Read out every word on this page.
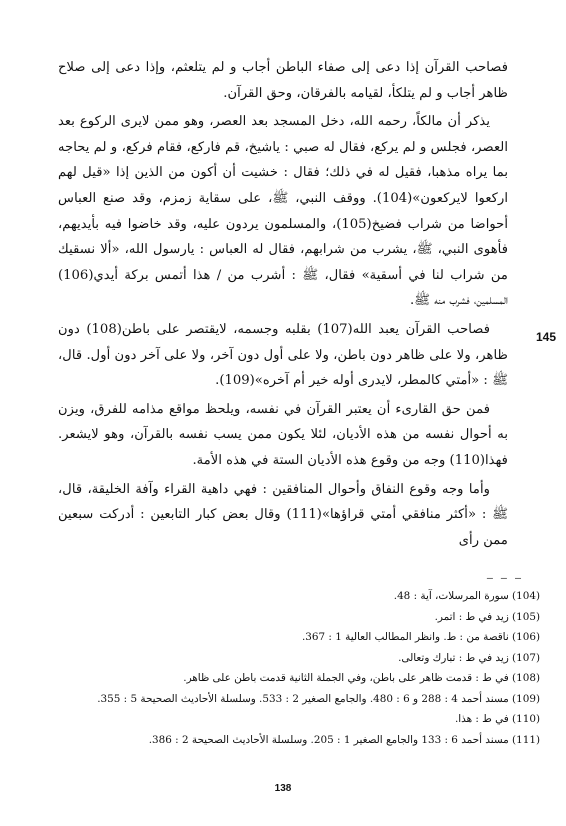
فصاحب القرآن إذا دعى إلى صفاء الباطن أجاب و لم يتلعثم، وإذا دعى إلى صلاح ظاهر أجاب و لم يتلكأ، لقيامه بالفرقان، وحق القرآن.

يذكر أن مالكاً، رحمه الله، دخل المسجد بعد العصر، وهو ممن لايرى الركوع بعد العصر، فجلس و لم يركع، فقال له صبي : ياشيخ، قم فاركع، فقام فركع، و لم يحاجه بما يراه مذهبا، فقيل له في ذلك؛ فقال : خشيت أن أكون من الذين إذا «قيل لهم اركعوا لايركعون»(104). ووقف النبي، ﷺ، على سقاية زمزم، وقد صنع العباس أحواضا من شراب فضيخ(105)، والمسلمون يردون عليه، وقد خاضوا فيه بأيديهم، فأهوى النبي، ﷺ، يشرب من شرابهم، فقال له العباس : يارسول الله، «ألا نسقيك من شراب لنا في أسقية» فقال، ﷺ : أشرب من / هذا أتمس بركة أيدي(106) المسلمين، فشرب منه ﷺ.

فصاحب القرآن يعبد الله(107) بقلبه وجسمه، لايقتصر على باطن(108) دون ظاهر، ولا على ظاهر دون باطن، ولا على أول دون آخر، ولا على آخر دون أول. قال، ﷺ : «أمتي كالمطر، لايدرى أوله خير أم آخره»(109).

فمن حق القارىء أن يعتبر القرآن في نفسه، ويلحظ مواقع مذامه للفرق، ويزن به أحوال نفسه من هذه الأديان، لئلا يكون ممن يسب نفسه بالقرآن، وهو لايشعر. فهذا(110) وجه من وقوع هذه الأديان الستة في هذه الأمة.

وأما وجه وقوع النفاق وأحوال المنافقين : فهي داهية القراء وآفة الخليقة، قال، ﷺ : «أكثر منافقي أمتي قراؤها»(111) وقال بعض كبار التابعين : أدركت سبعين ممن رأى

145
— — —
(104) سورة المرسلات، آية : 48.
(105) زيد في ط : اتمر.
(106) ناقصة من : ط. وانظر المطالب العالية 1 : 367.
(107) زيد في ط : تبارك وتعالى.
(108) في ط : قدمت ظاهر على باطن، وفي الجملة الثانية قدمت باطن على ظاهر.
(109) مسند أحمد 4 : 288 و 6 : 480. والجامع الصغير 2 : 533. وسلسلة الأحاديث الصحيحة 5 : 355.
(110) في ط : هذا.
(111) مسند أحمد 6 : 133 والجامع الصغير 1 : 205. وسلسلة الأحاديث الصحيحة 2 : 386.
138
